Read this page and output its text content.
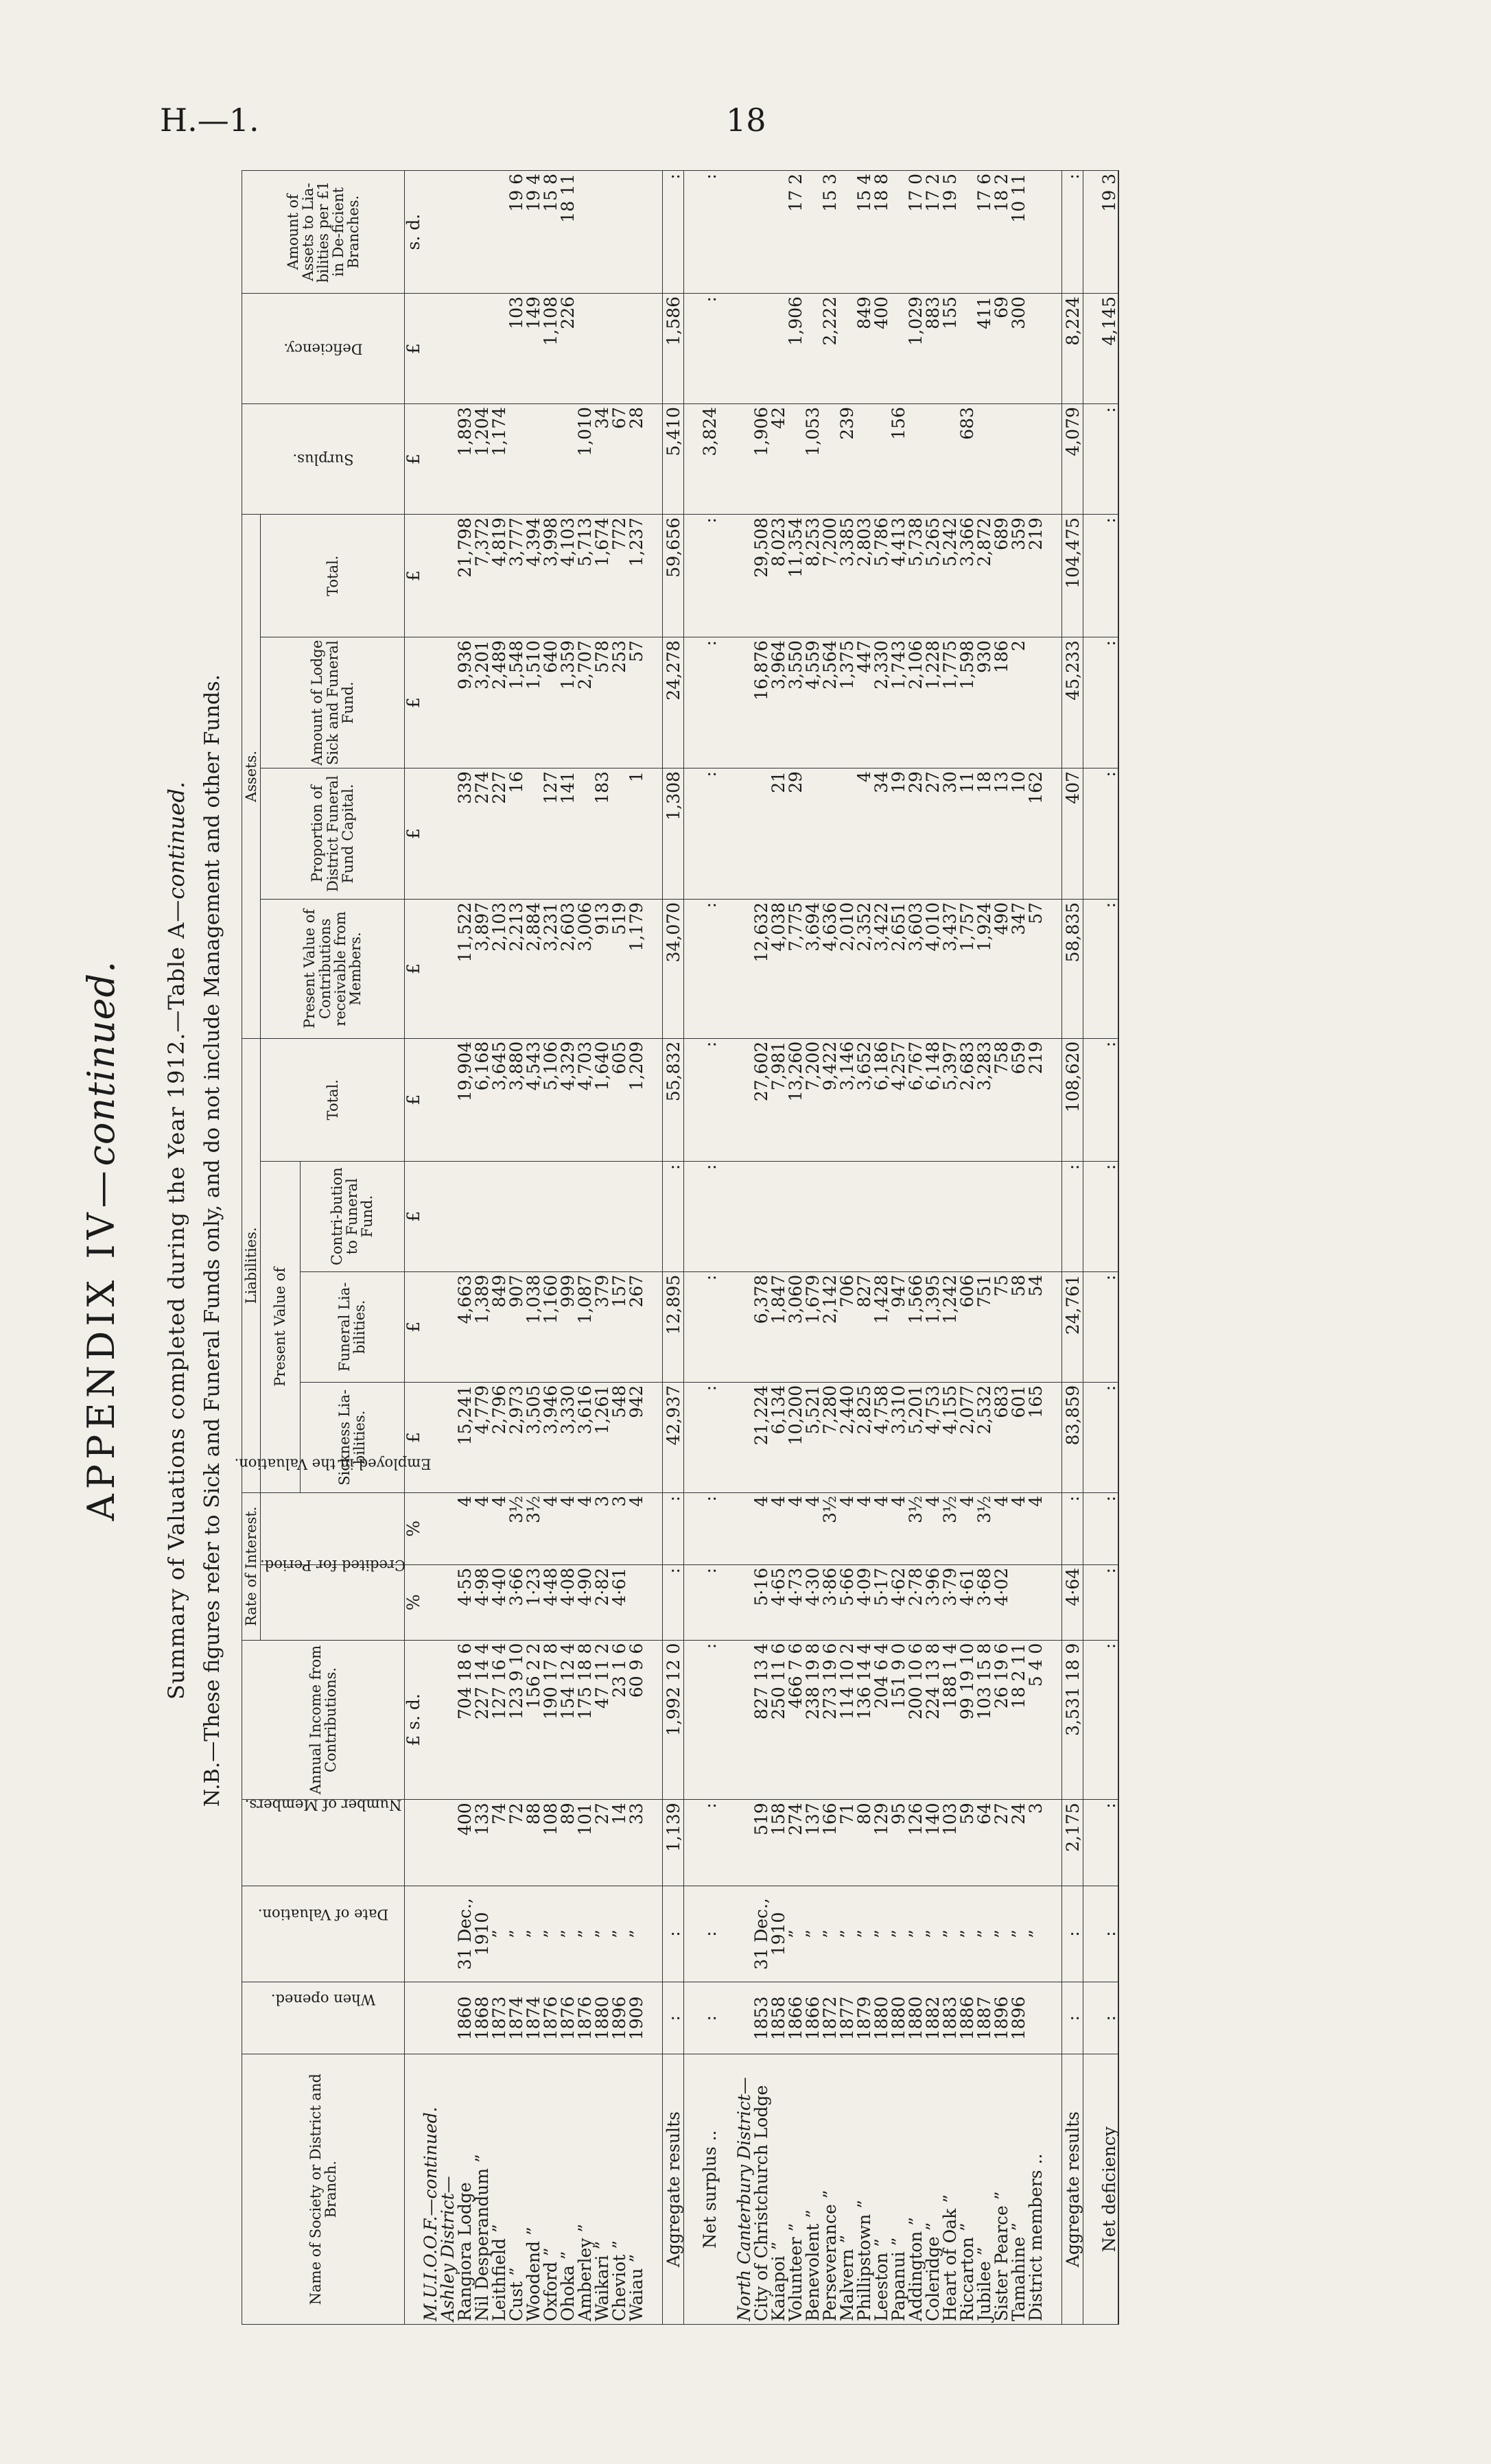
H.—1.	18
APPENDIX IV—continued. Summary of Valuations completed during the Year 1912.—Table A—continued. N.B.—These figures refer to Sick and Funeral Funds only, and do not include Management and other Funds.
Name of Society or District and Branch.	When opened.	Date of Valuation.	Number of Members.	Annual Income from Contributions.	Rate of Interest.		Liabilities.				Assets.				Surplus.	Deficiency.	Amount of Assets to Lia-bilities per £1 in De-ficient Branches.
					Credited for Period.	Employed in the Valuation.	Present Value of			Total.	Present Value of Contributions receivable from Members.	Proportion of District Funeral Fund Capital.	Amount of Lodge Sick and Funeral Fund.	Total.			
							Sickness Lia-bilities.	Funeral Lia-bilities.	Contri-bution to Funeral Fund.								
				£ s. d.	%	%	£	£	£	£	£	£	£	£	£	£	s. d.
M.U.I.O.O.F.—continued.																	
Ashley District—																	
Rangiora Lodge	1860	31 Dec.,	400	704 18 6	4·55	4	15,241	4,663		19,904	11,522	339	9,936	21,798	1,893		
Nil Desperandum ”	1868	1910	133	227 14 4	4·98	4	4,779	1,389		6,168	3,897	274	3,201	7,372	1,204		
Leithfield ”	1873	”	74	127 16 4	4·40	4	2,796	849		3,645	2,103	227	2,489	4,819	1,174		
Cust ”	1874	”	72	123 9 10	3·66	3½	2,973	907		3,880	2,213	16	1,548	3,777		103	19 6
Woodend ”	1874	”	88	156 2 2	1·23	3½	3,505	1,038		4,543	2,884		1,510	4,394		149	19 4
Oxford ”	1876	”	108	190 17 8	4·48	4	3,946	1,160		5,106	3,231	127	640	3,998		1,108	15 8
Ohoka ”	1876	”	89	154 12 4	4·08	4	3,330	999		4,329	2,603	141	1,359	4,103		226	18 11
Amberley ”	1876	”	101	175 18 8	4·90	4	3,616	1,087		4,703	3,006		2,707	5,713	1,010		
Waikari ”	1880	”	27	47 11 2	2·82	3	1,261	379		1,640	913	183	578	1,674	34		
Cheviot ”	1896	”	14	23 1 6	4·61	3	548	157		605	519		253	772	67		
Waiau ”	1909	”	33	60 9 6		4	942	267		1,209	1,179	1	57	1,237	28		

Aggregate results	:	:	1,139	1,992 12 0	:	:	42,937	12,895	:	55,832	34,070	1,308	24,278	59,656	5,410	1,586	:

Net surplus ..	:	:	:	:	:	:	:	:	:	:	:	:	:	:	3,824	:	:

North Canterbury District—																	
City of Christchurch Lodge	1853	31 Dec.,	519	827 13 4	5·16	4	21,224	6,378		27,602	12,632		16,876	29,508	1,906		
Kaiapoi ”	1858	1910	158	250 11 6	4·65	4	6,134	1,847		7,981	4,038	21	3,964	8,023	42		
Volunteer ”	1866	”	274	466 7 6	4·73	4	10,200	3,060		13,260	7,775	29	3,550	11,354		1,906	17 2
Benevolent ”	1866	”	137	238 19 8	4·30	4	5,521	1,679		7,200	3,694		4,559	8,253	1,053		
Perseverance ”	1872	”	166	273 19 6	3·86	3½	7,280	2,142		9,422	4,636		2,564	7,200		2,222	15 3
Malvern ”	1877	”	71	114 10 2	5·66	4	2,440	706		3,146	2,010		1,375	3,385	239		
Phillipstown ”	1879	”	80	136 14 4	4·09	4	2,825	827		3,652	2,352	4	447	2,803		849	15 4
Leeston ”	1880	”	129	204 6 4	5·17	4	4,758	1,428		6,186	3,422	34	2,330	5,786		400	18 8
Papanui ”	1880	”	95	151 9 0	4·62	4	3,310	947		4,257	2,651	19	1,743	4,413	156		
Addington ”	1880	”	126	200 10 6	2·78	3½	5,201	1,566		6,767	3,603	29	2,106	5,738		1,029	17 0
Coleridge ”	1882	”	140	224 13 8	3·96	4	4,753	1,395		6,148	4,010	27	1,228	5,265		883	17 2
Heart of Oak ”	1883	”	103	188 1 4	3·79	3½	4,155	1,242		5,397	3,437	30	1,775	5,242		155	19 5
Riccarton ”	1886	”	59	99 19 10	4·61	4	2,077	606		2,683	1,757	11	1,598	3,366	683		
Jubilee ”	1887	”	64	103 15 8	3·68	3½	2,532	751		3,283	1,924	18	930	2,872		411	17 6
Sister Pearce ”	1896	”	27	26 19 6	4·02	4	683	75		758	490	13	186	689		69	18 2
Tamahine ”	1896	”	24	18 2 11		4	601	58		659	347	10	2	359		300	10 11
District members ..		”	3	5 4 0		4	165	54		219	57	162		219			

Aggregate results	:	:	2,175	3,531 18 9	4·64	:	83,859	24,761	:	108,620	58,835	407	45,233	104,475	4,079	8,224	:

Net deficiency	:	:	:	:	:	:	:	:	:	:	:	:	:	:	:	4,145	19 3
